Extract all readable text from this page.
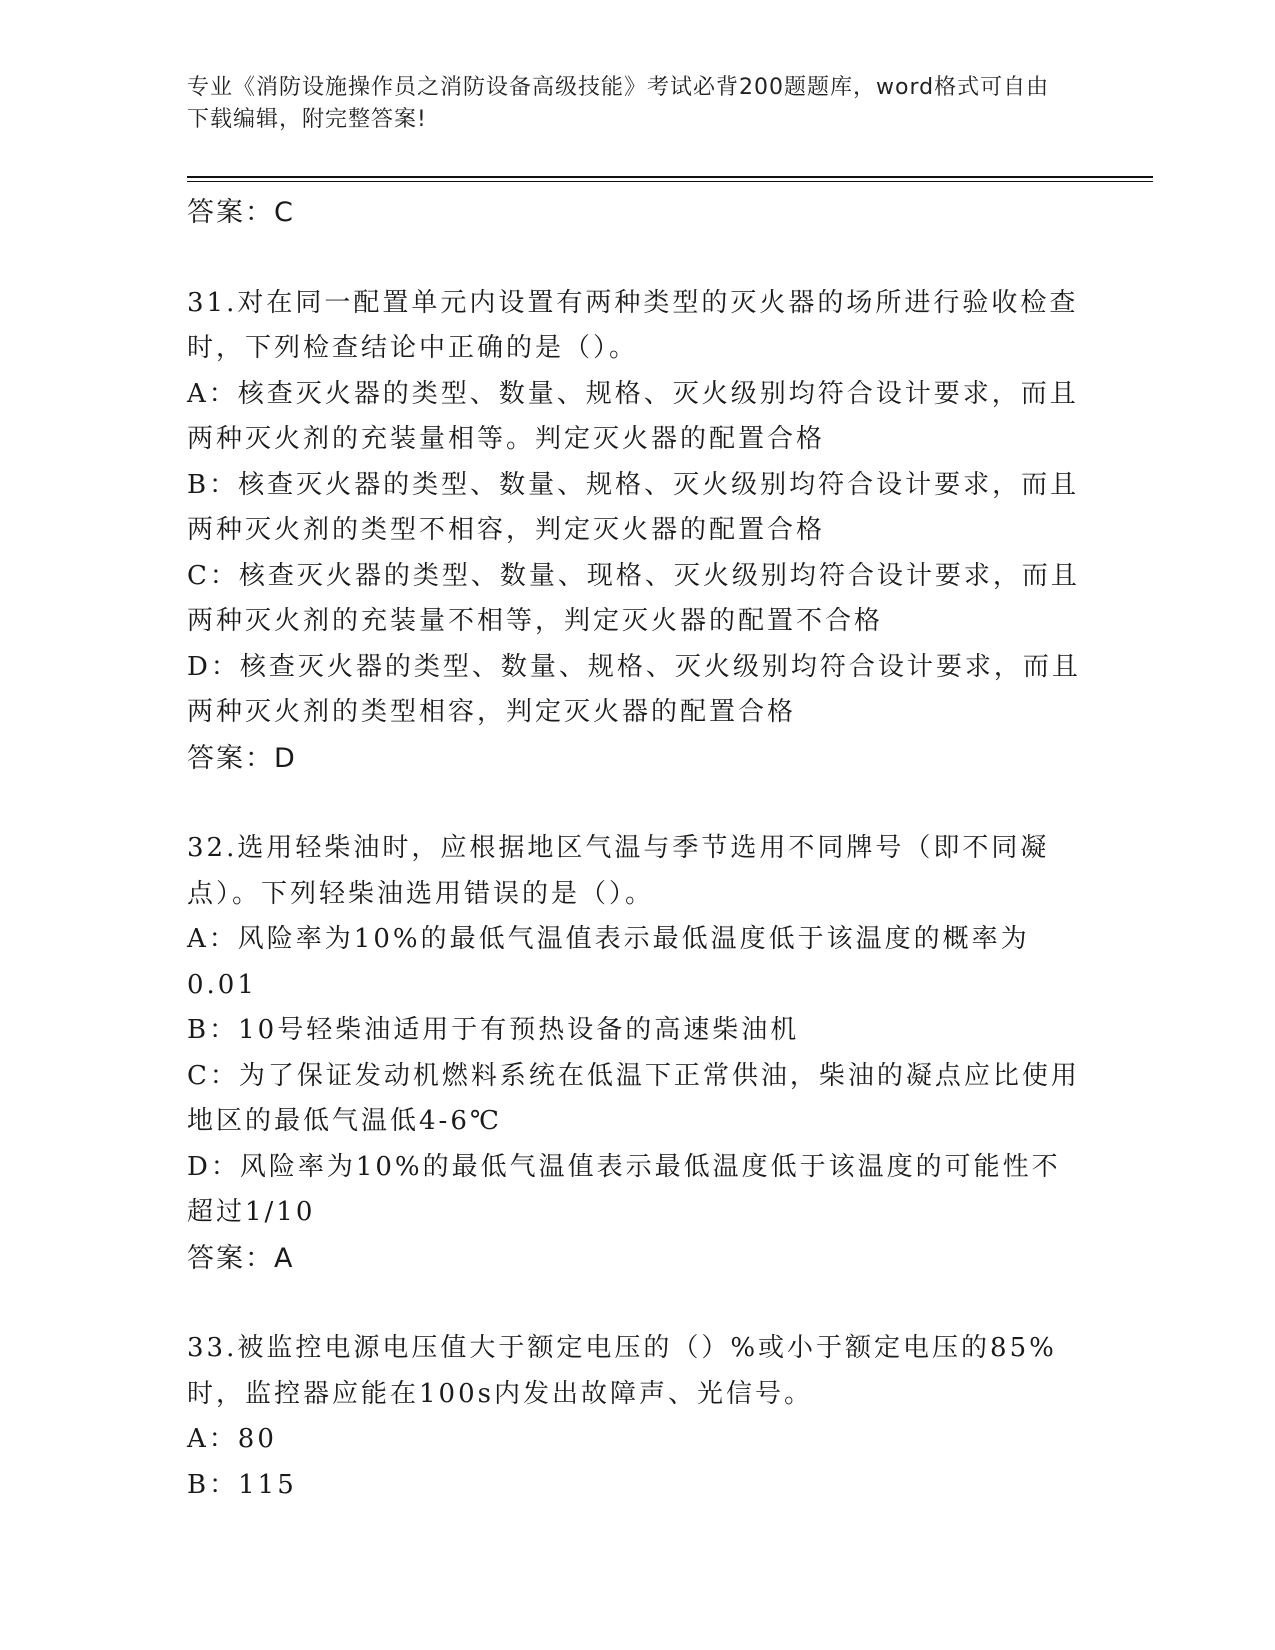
专业《消防设施操作员之消防设备高级技能》考试必背200题题库，word格式可自由下载编辑，附完整答案!
答案：C
31.对在同一配置单元内设置有两种类型的灭火器的场所进行验收检查时，下列检查结论中正确的是（）。
A：核查灭火器的类型、数量、规格、灭火级别均符合设计要求，而且两种灭火剂的充装量相等。判定灭火器的配置合格
B：核查灭火器的类型、数量、规格、灭火级别均符合设计要求，而且两种灭火剂的类型不相容，判定灭火器的配置合格
C：核查灭火器的类型、数量、现格、灭火级别均符合设计要求，而且两种灭火剂的充装量不相等，判定灭火器的配置不合格
D：核查灭火器的类型、数量、规格、灭火级别均符合设计要求，而且两种灭火剂的类型相容，判定灭火器的配置合格
答案：D
32.选用轻柴油时，应根据地区气温与季节选用不同牌号（即不同凝点）。下列轻柴油选用错误的是（）。
A：风险率为10%的最低气温值表示最低温度低于该温度的概率为0.01
B：10号轻柴油适用于有预热设备的高速柴油机
C：为了保证发动机燃料系统在低温下正常供油，柴油的凝点应比使用地区的最低气温低4-6℃
D：风险率为10%的最低气温值表示最低温度低于该温度的可能性不超过1/10
答案：A
33.被监控电源电压值大于额定电压的（）%或小于额定电压的85%时，监控器应能在100s内发出故障声、光信号。
A：80
B：115
